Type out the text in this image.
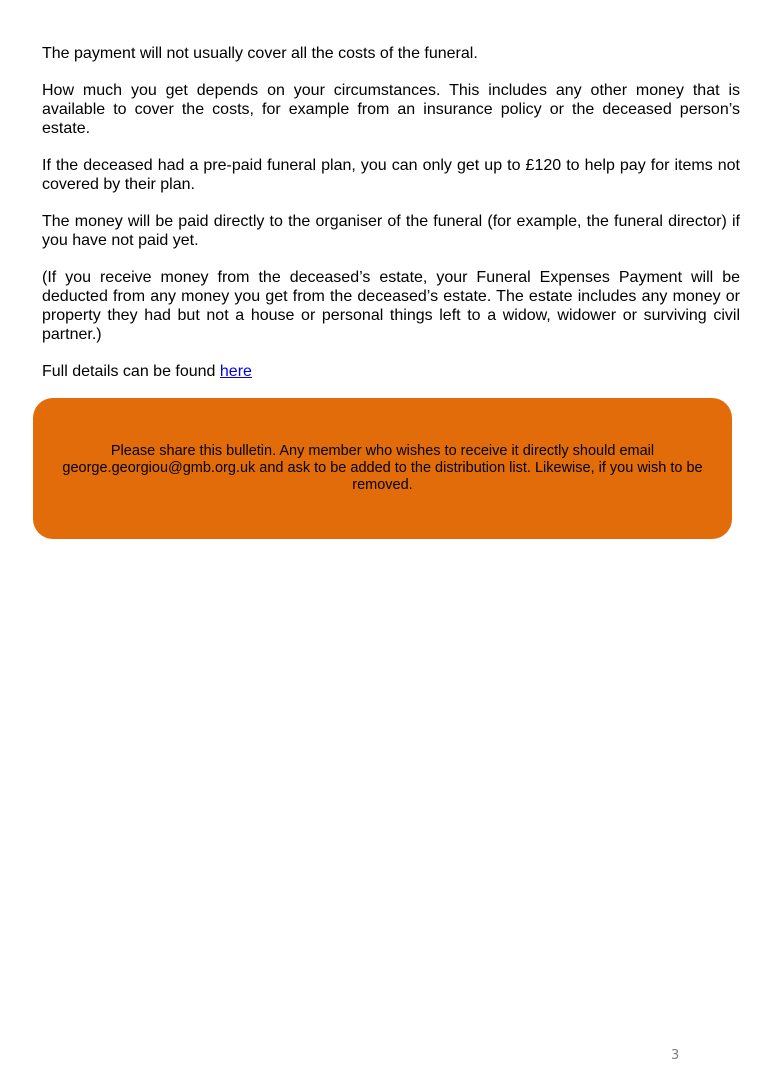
The payment will not usually cover all the costs of the funeral.

How much you get depends on your circumstances. This includes any other money that is available to cover the costs, for example from an insurance policy or the deceased person’s estate.

If the deceased had a pre-paid funeral plan, you can only get up to £120 to help pay for items not covered by their plan.

The money will be paid directly to the organiser of the funeral (for example, the funeral director) if you have not paid yet.

(If you receive money from the deceased’s estate, your Funeral Expenses Payment will be deducted from any money you get from the deceased’s estate. The estate includes any money or property they had but not a house or personal things left to a widow, widower or surviving civil partner.)

Full details can be found here

Please share this bulletin. Any member who wishes to receive it directly should email george.georgiou@gmb.org.uk and ask to be added to the distribution list. Likewise, if you wish to be removed.

3
